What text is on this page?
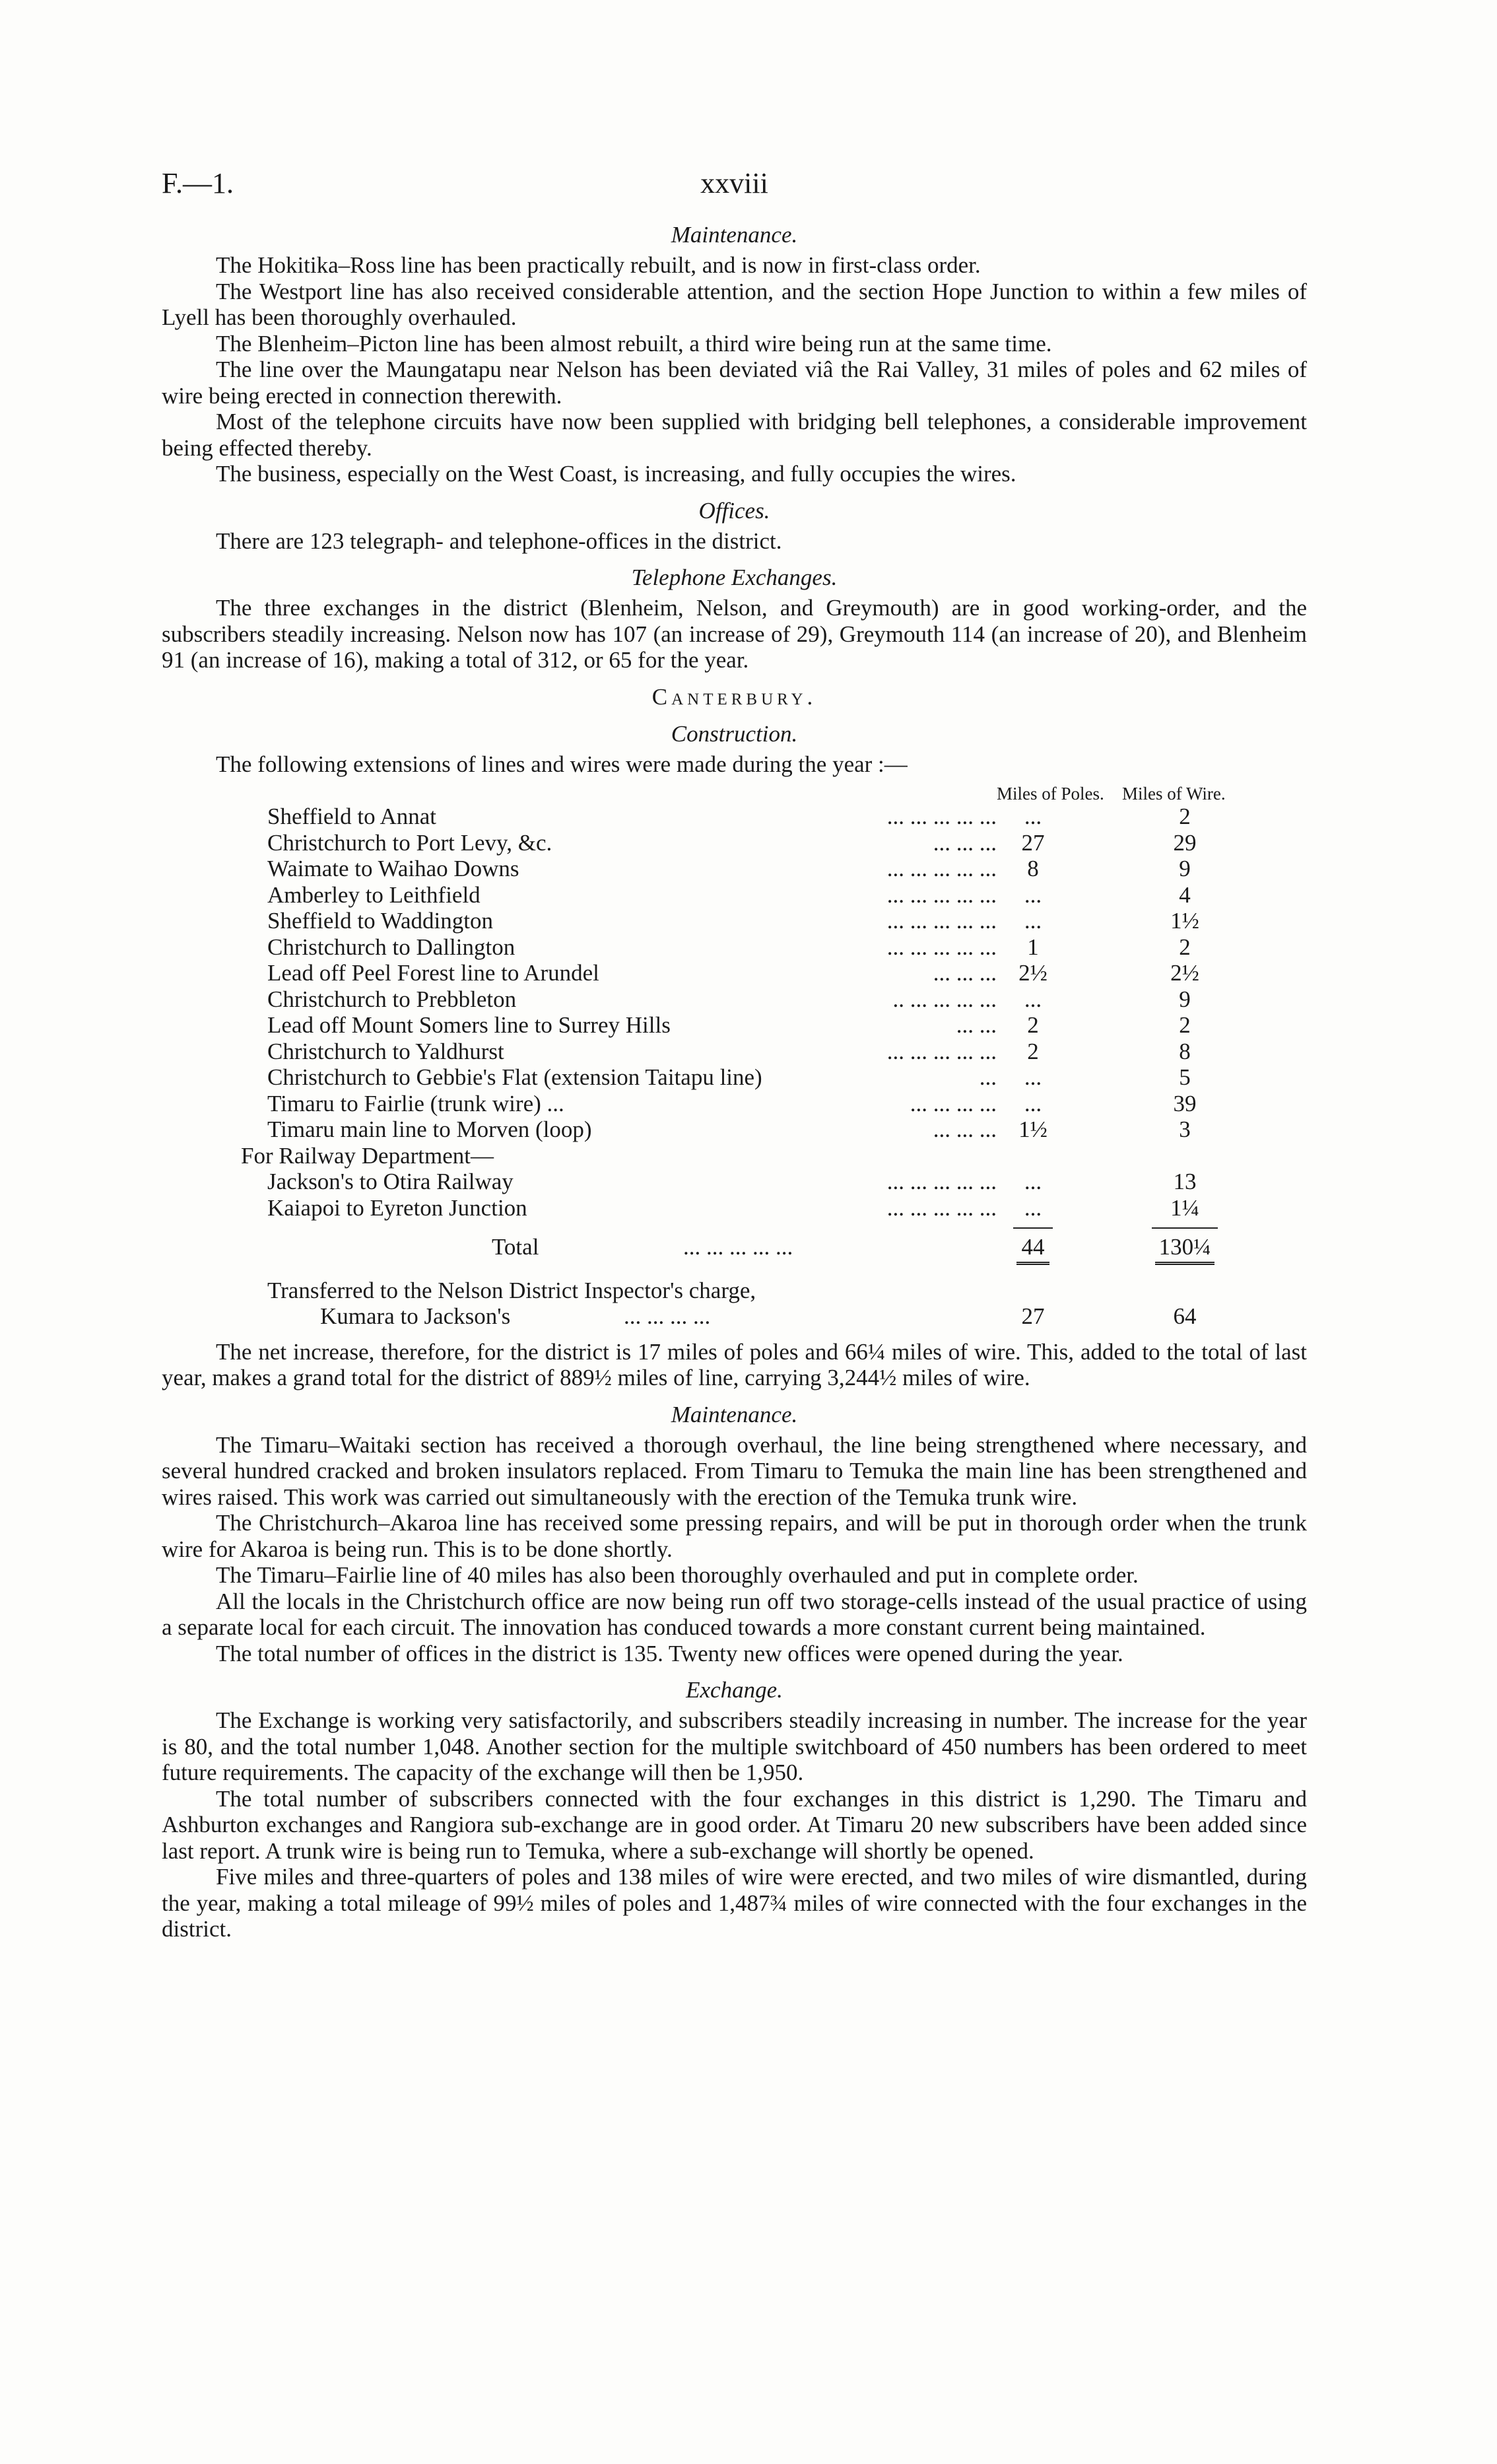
F.—1.	xxviii
Maintenance.

The Hokitika–Ross line has been practically rebuilt, and is now in first-class order.

The Westport line has also received considerable attention, and the section Hope Junction to within a few miles of Lyell has been thoroughly overhauled.

The Blenheim–Picton line has been almost rebuilt, a third wire being run at the same time.

The line over the Maungatapu near Nelson has been deviated viâ the Rai Valley, 31 miles of poles and 62 miles of wire being erected in connection therewith.

Most of the telephone circuits have now been supplied with bridging bell telephones, a considerable improvement being effected thereby.

The business, especially on the West Coast, is increasing, and fully occupies the wires.

Offices.

There are 123 telegraph- and telephone-offices in the district.

Telephone Exchanges.

The three exchanges in the district (Blenheim, Nelson, and Greymouth) are in good working-order, and the subscribers steadily increasing. Nelson now has 107 (an increase of 29), Greymouth 114 (an increase of 20), and Blenheim 91 (an increase of 16), making a total of 312, or 65 for the year.

Canterbury.
Construction.

The following extensions of lines and wires were made during the year :—

Miles of Poles. Miles of Wire.
Sheffield to Annat	... ... ... ... ...	...	2
Christchurch to Port Levy, &c.	... ... ...	27	29
Waimate to Waihao Downs	... ... ... ... ...	8	9
Amberley to Leithfield	... ... ... ... ...	...	4
Sheffield to Waddington	... ... ... ... ...	...	1½
Christchurch to Dallington	... ... ... ... ...	1	2
Lead off Peel Forest line to Arundel	... ... ... 2½	2½
Christchurch to Prebbleton	.. ... ... ... ...	...	9
Lead off Mount Somers line to Surrey Hills	... ...	2	2
Christchurch to Yaldhurst	... ... ... ... ...	2	8
Christchurch to Gebbie's Flat (extension Taitapu line)	...	...	5
Timaru to Fairlie (trunk wire) ...	... ... ... ...	...	39
Timaru main line to Morven (loop)	... ... ... 1½	3
For Railway Department—
Jackson's to Otira Railway	... ... ... ... ...	...	13
Kaiapoi to Eyreton Junction	... ... ... ... ...	...	1¼
Total	... ... ... ... ...	44	130¼
Transferred to the Nelson District Inspector's charge,
Kumara to Jackson's	... ... ... ...	27	64

The net increase, therefore, for the district is 17 miles of poles and 66¼ miles of wire. This, added to the total of last year, makes a grand total for the district of 889½ miles of line, carrying 3,244½ miles of wire.

Maintenance.

The Timaru–Waitaki section has received a thorough overhaul, the line being strengthened where necessary, and several hundred cracked and broken insulators replaced. From Timaru to Temuka the main line has been strengthened and wires raised. This work was carried out simultaneously with the erection of the Temuka trunk wire.

The Christchurch–Akaroa line has received some pressing repairs, and will be put in thorough order when the trunk wire for Akaroa is being run. This is to be done shortly.

The Timaru–Fairlie line of 40 miles has also been thoroughly overhauled and put in complete order.

All the locals in the Christchurch office are now being run off two storage-cells instead of the usual practice of using a separate local for each circuit. The innovation has conduced towards a more constant current being maintained.

The total number of offices in the district is 135. Twenty new offices were opened during the year.

Exchange.

The Exchange is working very satisfactorily, and subscribers steadily increasing in number. The increase for the year is 80, and the total number 1,048. Another section for the multiple switchboard of 450 numbers has been ordered to meet future requirements. The capacity of the exchange will then be 1,950.

The total number of subscribers connected with the four exchanges in this district is 1,290. The Timaru and Ashburton exchanges and Rangiora sub-exchange are in good order. At Timaru 20 new subscribers have been added since last report. A trunk wire is being run to Temuka, where a sub-exchange will shortly be opened.

Five miles and three-quarters of poles and 138 miles of wire were erected, and two miles of wire dismantled, during the year, making a total mileage of 99½ miles of poles and 1,487¾ miles of wire connected with the four exchanges in the district.
